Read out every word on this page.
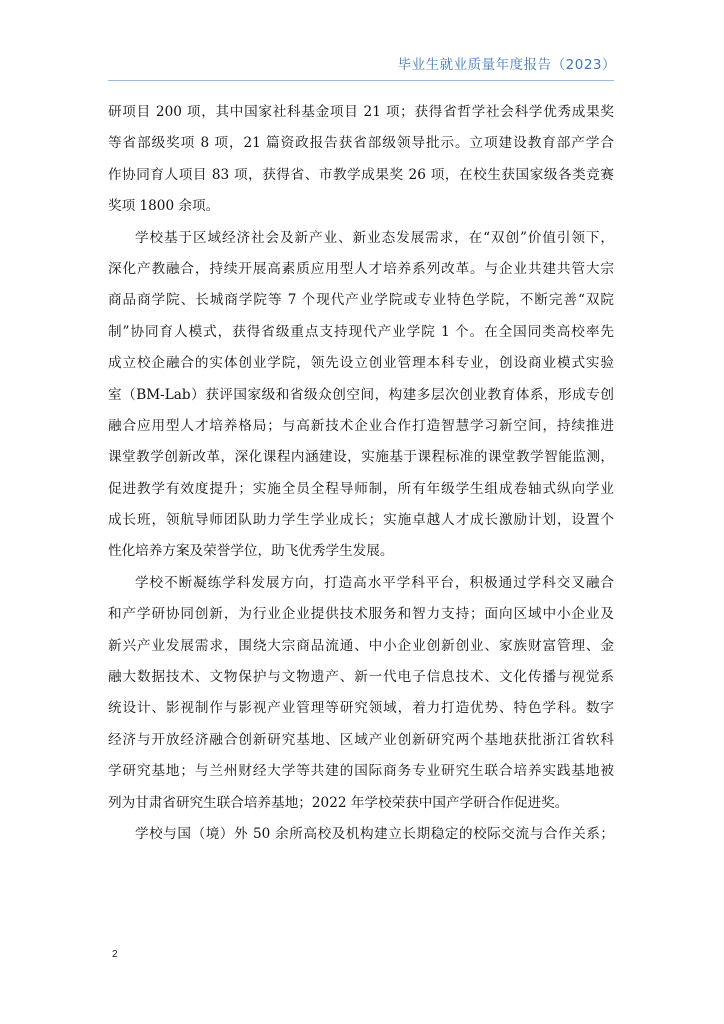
毕业生就业质量年度报告（2023）
研项目 200 项，其中国家社科基金项目 21 项；获得省哲学社会科学优秀成果奖
等省部级奖项 8 项，21 篇资政报告获省部级领导批示。立项建设教育部产学合
作协同育人项目 83 项，获得省、市教学成果奖 26 项，在校生获国家级各类竞赛
奖项 1800 余项。
学校基于区域经济社会及新产业、新业态发展需求，在“双创”价值引领下，
深化产教融合，持续开展高素质应用型人才培养系列改革。与企业共建共管大宗
商品商学院、长城商学院等 7 个现代产业学院或专业特色学院，不断完善“双院
制”协同育人模式，获得省级重点支持现代产业学院 1 个。在全国同类高校率先
成立校企融合的实体创业学院，领先设立创业管理本科专业，创设商业模式实验
室（BM-Lab）获评国家级和省级众创空间，构建多层次创业教育体系，形成专创
融合应用型人才培养格局；与高新技术企业合作打造智慧学习新空间，持续推进
课堂教学创新改革，深化课程内涵建设，实施基于课程标准的课堂教学智能监测，
促进教学有效度提升；实施全员全程导师制，所有年级学生组成卷轴式纵向学业
成长班，领航导师团队助力学生学业成长；实施卓越人才成长激励计划，设置个
性化培养方案及荣誉学位，助飞优秀学生发展。
学校不断凝练学科发展方向，打造高水平学科平台，积极通过学科交叉融合
和产学研协同创新，为行业企业提供技术服务和智力支持；面向区域中小企业及
新兴产业发展需求，围绕大宗商品流通、中小企业创新创业、家族财富管理、金
融大数据技术、文物保护与文物遗产、新一代电子信息技术、文化传播与视觉系
统设计、影视制作与影视产业管理等研究领域，着力打造优势、特色学科。数字
经济与开放经济融合创新研究基地、区域产业创新研究两个基地获批浙江省软科
学研究基地；与兰州财经大学等共建的国际商务专业研究生联合培养实践基地被
列为甘肃省研究生联合培养基地；2022 年学校荣获中国产学研合作促进奖。
学校与国（境）外 50 余所高校及机构建立长期稳定的校际交流与合作关系；
2
